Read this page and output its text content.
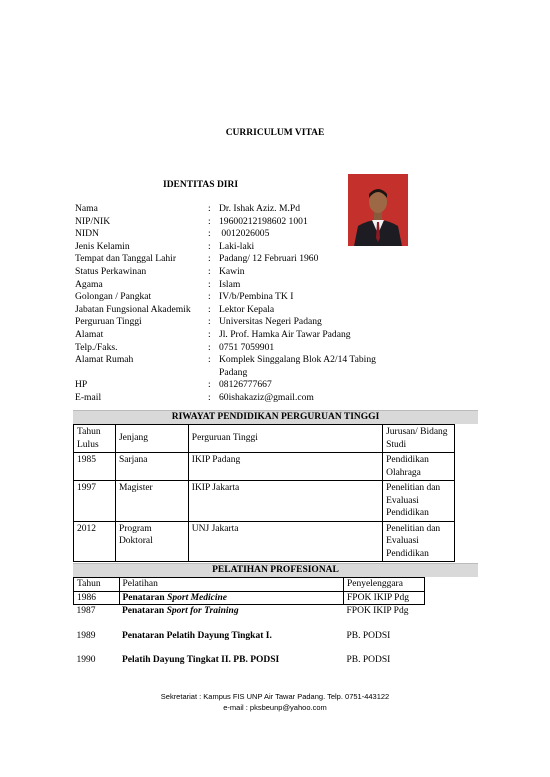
CURRICULUM VITAE
IDENTITAS DIRI
Nama	: Dr. Ishak Aziz. M.Pd
NIP/NIK	: 19600212198602 1001
NIDN	: 0012026005
Jenis Kelamin	: Laki-laki
Tempat dan Tanggal Lahir	: Padang/ 12 Februari 1960
Status Perkawinan	: Kawin
Agama	: Islam
Golongan / Pangkat	: IV/b/Pembina TK I
Jabatan Fungsional Akademik	: Lektor Kepala
Perguruan Tinggi	: Universitas Negeri Padang
Alamat	: Jl. Prof. Hamka Air Tawar Padang
Telp./Faks.	: 0751 7059901
Alamat Rumah	: Komplek Singgalang Blok A2/14 Tabing
Padang
HP	: 08126777667
E-mail	: 60ishakaziz@gmail.com
RIWAYAT PENDIDIKAN PERGURUAN TINGGI
Tahun Lulus	Jenjang	Perguruan Tinggi	Jurusan/ Bidang Studi
1985	Sarjana	IKIP Padang	Pendidikan Olahraga
1997	Magister	IKIP Jakarta	Penelitian dan Evaluasi Pendidikan
2012	Program Doktoral	UNJ Jakarta	Penelitian dan Evaluasi Pendidikan
PELATIHAN PROFESIONAL
Tahun	Pelatihan	Penyelenggara
1986	Penataran Sport Medicine	FPOK IKIP Pdg
1987	Penataran Sport for Training	FPOK IKIP Pdg

1989	Penataran Pelatih Dayung Tingkat I.	PB. PODSI

1990	Pelatih Dayung Tingkat II. PB. PODSI	PB. PODSI
Sekretariat : Kampus FIS UNP Air Tawar Padang. Telp. 0751-443122
e-mail : pksbeunp@yahoo.com
